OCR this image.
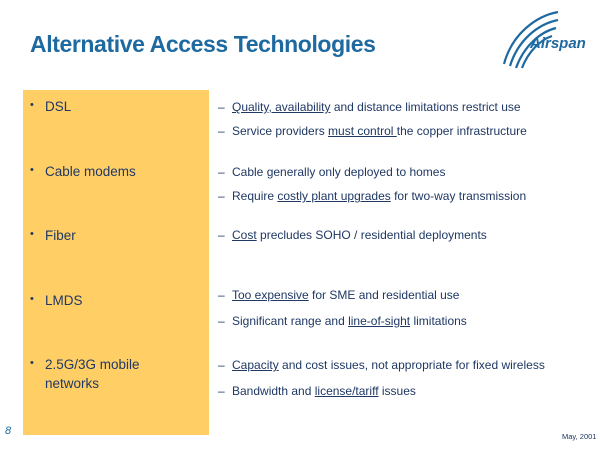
Alternative Access Technologies	Airspan
• DSL	– Quality, availability and distance limitations restrict use
– Service providers must control the copper infrastructure
• Cable modems	– Cable generally only deployed to homes
– Require costly plant upgrades for two-way transmission
• Fiber	– Cost precludes SOHO / residential deployments
• LMDS	– Too expensive for SME and residential use
– Significant range and line-of-sight limitations
• 2.5G/3G mobile
networks
– Capacity and cost issues, not appropriate for fixed wireless
– Bandwidth and license/tariff issues
8	May, 2001
